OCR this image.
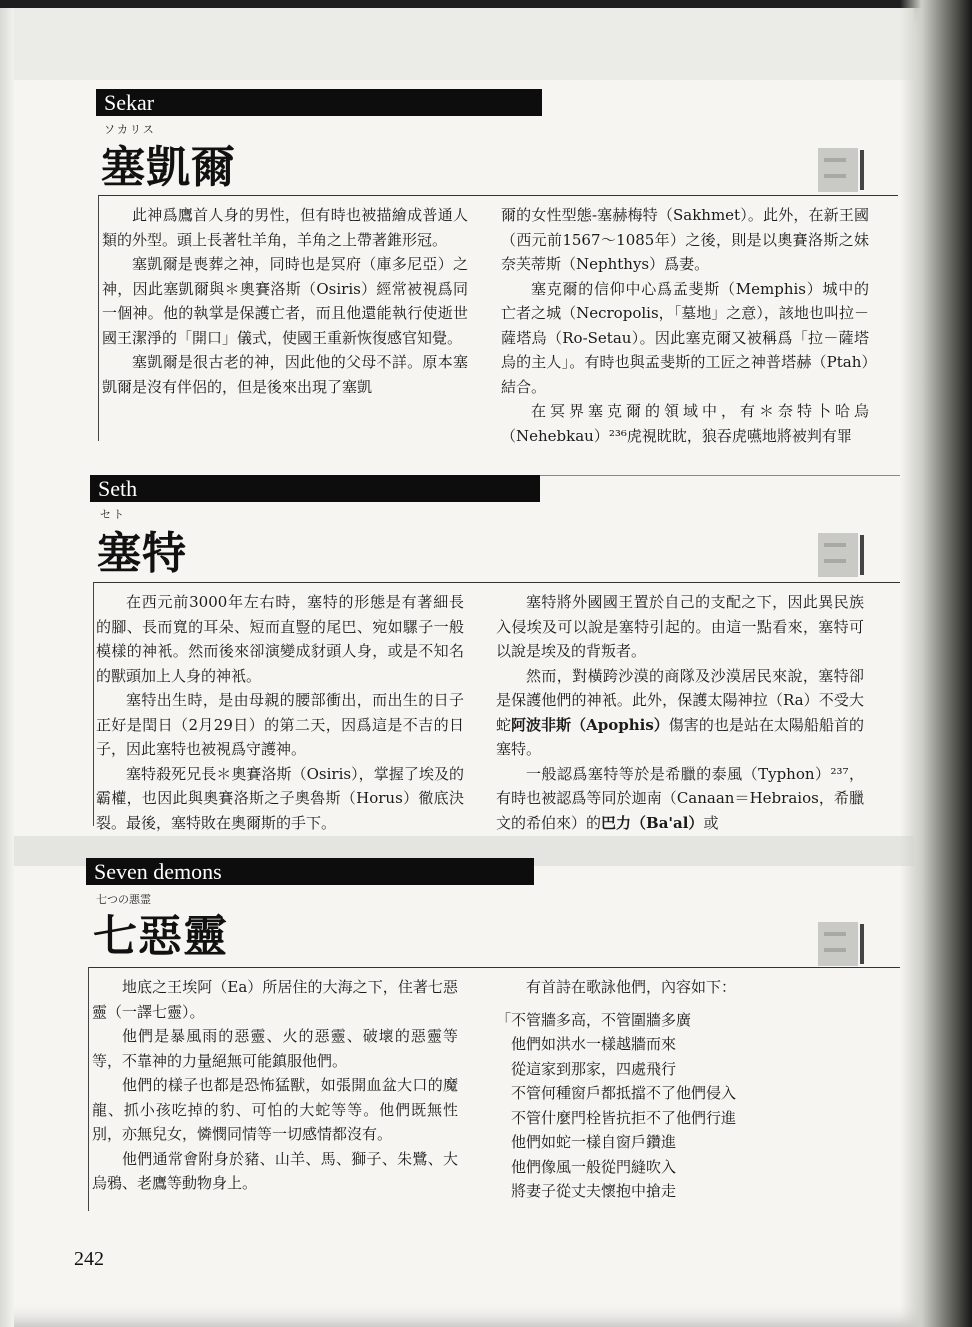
Sekar
ソカリス
塞凱爾

此神爲鷹首人身的男性，但有時也被描繪成普通人類的外型。頭上長著牡羊角，羊角之上帶著錐形冠。

塞凱爾是喪葬之神，同時也是冥府（庫多尼亞）之神，因此塞凱爾與＊奧賽洛斯（Osiris）經常被視爲同一個神。他的執掌是保護亡者，而且他還能執行使逝世國王潔淨的「開口」儀式，使國王重新恢復感官知覺。

塞凱爾是很古老的神，因此他的父母不詳。原本塞凱爾是沒有伴侶的，但是後來出現了塞凱

爾的女性型態-塞赫梅特（Sakhmet）。此外，在新王國（西元前1567～1085年）之後，則是以奧賽洛斯之妹奈芙蒂斯（Nephthys）爲妻。

塞克爾的信仰中心爲孟斐斯（Memphis）城中的亡者之城（Necropolis，「墓地」之意），該地也叫拉－薩塔烏（Ro-Setau）。因此塞克爾又被稱爲「拉－薩塔烏的主人」。有時也與孟斐斯的工匠之神普塔赫（Ptah）結合。

在冥界塞克爾的領域中，有＊奈特卜哈烏（Nehebkau）²³⁶虎視眈眈，狼吞虎嚥地將被判有罪

Seth
セト
塞特

在西元前3000年左右時，塞特的形態是有著細長的腳、長而寬的耳朵、短而直豎的尾巴、宛如騾子一般模樣的神衹。然而後來卻演變成豺頭人身，或是不知名的獸頭加上人身的神衹。

塞特出生時，是由母親的腰部衝出，而出生的日子正好是閏日（2月29日）的第二天，因爲這是不吉的日子，因此塞特也被視爲守護神。

塞特殺死兄長＊奧賽洛斯（Osiris），掌握了埃及的霸權，也因此與奧賽洛斯之子奧魯斯（Horus）徹底決裂。最後，塞特敗在奧爾斯的手下。

塞特將外國國王置於自己的支配之下，因此異民族入侵埃及可以說是塞特引起的。由這一點看來，塞特可以說是埃及的背叛者。

然而，對橫跨沙漠的商隊及沙漠居民來說，塞特卻是保護他們的神衹。此外，保護太陽神拉（Ra）不受大蛇阿波非斯（Apophis）傷害的也是站在太陽船船首的塞特。

一般認爲塞特等於是希臘的泰風（Typhon）²³⁷，有時也被認爲等同於迦南（Canaan＝Hebraios，希臘文的希伯來）的巴力（Ba'al）或

Seven demons
七つの悪霊
七惡靈

地底之王埃阿（Ea）所居住的大海之下，住著七惡靈（一譯七靈）。

他們是暴風雨的惡靈、火的惡靈、破壞的惡靈等等，不靠神的力量絕無可能鎮服他們。

他們的樣子也都是恐怖猛獸，如張開血盆大口的魔龍、抓小孩吃掉的豹、可怕的大蛇等等。他們既無性別，亦無兒女，憐憫同情等一切感情都沒有。

他們通常會附身於豬、山羊、馬、獅子、朱鷺、大烏鴉、老鷹等動物身上。

有首詩在歌詠他們，內容如下：

「不管牆多高，不管圍牆多廣

他們如洪水一樣越牆而來

從這家到那家，四處飛行

不管何種窗戶都抵擋不了他們侵入

不管什麼門栓皆抗拒不了他們行進

他們如蛇一樣自窗戶鑽進

他們像風一般從門縫吹入

將妻子從丈夫懷抱中搶走

242
